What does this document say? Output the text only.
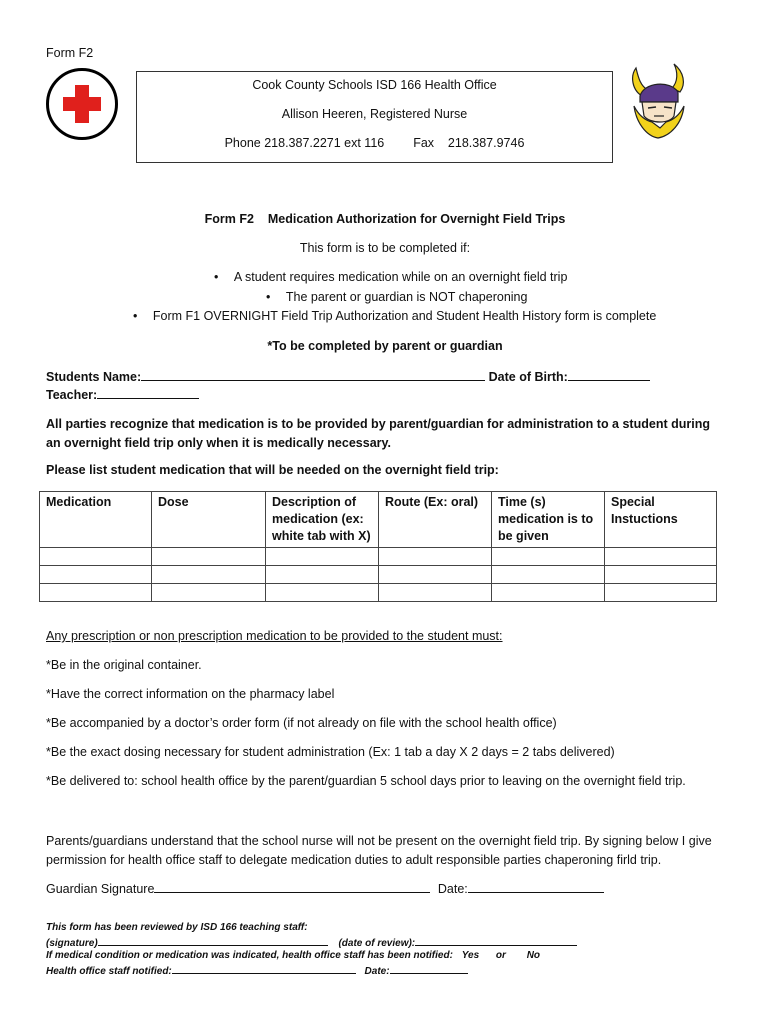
Form F2
Cook County Schools ISD 166 Health Office
Allison Heeren, Registered Nurse
Phone 218.387.2271 ext 116 Fax    218.387.9746
Form F2    Medication Authorization for Overnight Field Trips
This form is to be completed if:
• A student requires medication while on an overnight field trip
• The parent or guardian is NOT chaperoning
• Form F1 OVERNIGHT Field Trip Authorization and Student Health History form is complete
*To be completed by parent or guardian
Students Name:	Date of Birth:
Teacher:
All parties recognize that medication is to be provided by parent/guardian for administration to a student during an overnight field trip only when it is medically necessary.
Please list student medication that will be needed on the overnight field trip:
Medication	Dose	Description of medication (ex: white tab with X)	Route (Ex: oral)	Time (s) medication is to be given	Special Instuctions

Any prescription or non prescription medication to be provided to the student must:
*Be in the original container.
*Have the correct information on the pharmacy label
*Be accompanied by a doctor’s order form (if not already on file with the school health office)
*Be the exact dosing necessary for student administration (Ex: 1 tab a day X 2 days = 2 tabs delivered)
*Be delivered to: school health office by the parent/guardian 5 school days prior to leaving on the overnight field trip.
Parents/guardians understand that the school nurse will not be present on the overnight field trip. By signing below I give permission for health office staff to delegate medication duties to adult responsible parties chaperoning firld trip.
Guardian Signature	Date:
This form has been reviewed by ISD 166 teaching staff:
(signature)	(date of review):
If medical condition or medication was indicated, health office staff has been notified: Yes or No
Health office staff notified:	Date:
